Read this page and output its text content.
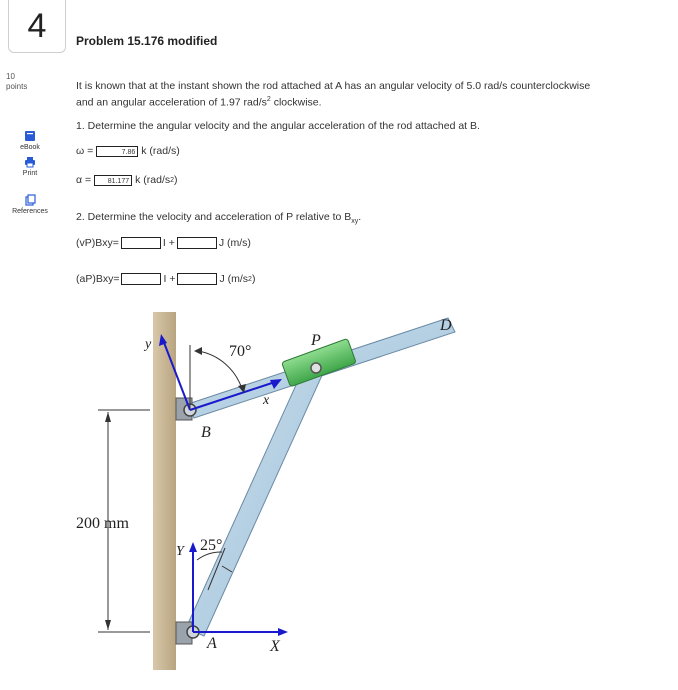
4
10
points
eBook
Print
References
Problem 15.176 modified
It is known that at the instant shown the rod attached at A has an angular velocity of 5.0 rad/s counterclockwise
and an angular acceleration of 1.97 rad/$s^2$ clockwise.
1. Determine the angular velocity and the angular acceleration of the rod attached at B.
ω =	7.86 k (rad/s)
α =	81.177 k (rad/s 2 )
2. Determine the velocity and acceleration of P relative to $B_{xy}$.
(vP)Bxy =	I +	J (m/s)
(aP)Bxy =	I +	J (m/s 2 )
200 mm
y
x
70°
P
D
B
Y 25°
A	X
